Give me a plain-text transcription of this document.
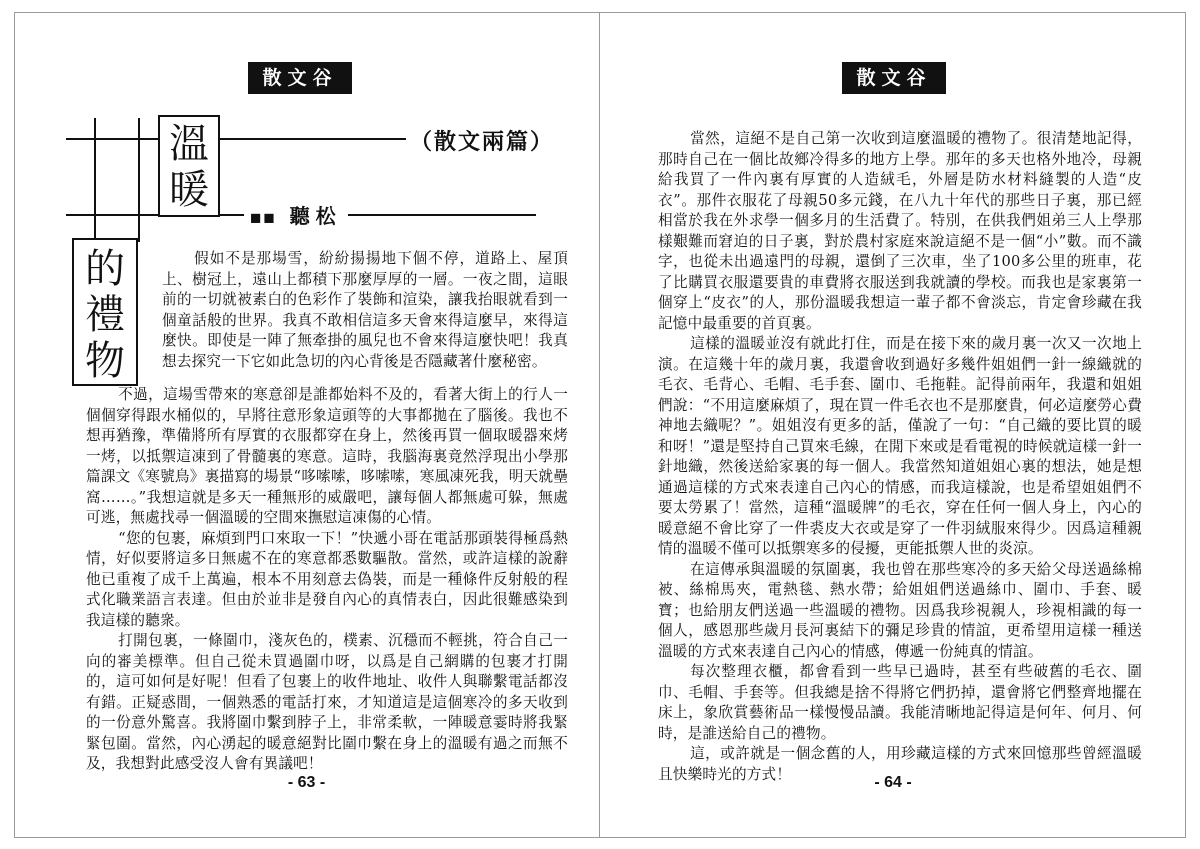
散文谷
溫
暖
（散文兩篇）
■■ 聽松
的
禮
物

假如不是那場雪，紛紛揚揚地下個不停，道路上、屋頂上、樹冠上，遠山上都積下那麼厚厚的一層。一夜之間，這眼前的一切就被素白的色彩作了裝飾和渲染，讓我抬眼就看到一個童話般的世界。我真不敢相信這多天會來得這麼早，來得這麼快。即使是一陣了無牽掛的風兒也不會來得這麼快吧！我真想去探究一下它如此急切的內心背後是否隱藏著什麼秘密。

不過，這場雪帶來的寒意卻是誰都始料不及的，看著大街上的行人一個個穿得跟水桶似的，早將往意形象這頭等的大事都拋在了腦後。我也不想再猶豫，準備將所有厚實的衣服都穿在身上，然後再買一個取暖器來烤一烤，以抵禦這凍到了骨髓裏的寒意。這時，我腦海裏竟然浮現出小學那篇課文《寒號鳥》裏描寫的場景“哆嗦嗦，哆嗦嗦，寒風凍死我，明天就壘窩……。”我想這就是多天一種無形的威嚴吧，讓每個人都無處可躲，無處可逃，無處找尋一個溫暖的空間來撫慰這凍傷的心情。

“您的包裹，麻煩到門口來取一下！”快遞小哥在電話那頭裝得極爲熱情，好似要將這多日無處不在的寒意都悉數驅散。當然，或許這樣的說辭他已重複了成千上萬遍，根本不用刻意去偽裝，而是一種條件反射般的程式化職業語言表達。但由於並非是發自內心的真情表白，因此很難感染到我這樣的聽衆。

打開包裏，一條圍巾，淺灰色的，樸素、沉穩而不輕挑，符合自己一向的審美標準。但自己從未買過圍巾呀，以爲是自己網購的包裹才打開的，這可如何是好呢！但看了包裹上的收件地址、收件人與聯繫電話都沒有錯。正疑惑間，一個熟悉的電話打來，才知道這是這個寒冷的多天收到的一份意外驚喜。我將圍巾繫到脖子上，非常柔軟，一陣暖意霎時將我緊緊包圍。當然，內心湧起的暖意絕對比圍巾繫在身上的溫暖有過之而無不及，我想對此感受沒人會有異議吧！

- 63 -
散文谷

當然，這絕不是自己第一次收到這麼溫暖的禮物了。很清楚地記得，那時自己在一個比故鄉冷得多的地方上學。那年的多天也格外地冷，母親給我買了一件內裏有厚實的人造絨毛，外層是防水材料縫製的人造“皮衣”。那件衣服花了母親50多元錢，在八九十年代的那些日子裏，那已經相當於我在外求學一個多月的生活費了。特別，在供我們姐弟三人上學那樣艱難而窘迫的日子裏，對於農村家庭來說這絕不是一個“小”數。而不識字，也從未出過遠門的母親，還倒了三次車，坐了100多公里的班車，花了比購買衣服還要貴的車費將衣服送到我就讀的學校。而我也是家裏第一個穿上“皮衣”的人，那份溫暖我想這一輩子都不會淡忘，肯定會珍藏在我記憶中最重要的首頁裏。

這樣的溫暖並沒有就此打住，而是在接下來的歲月裏一次又一次地上演。在這幾十年的歲月裏，我還會收到過好多幾件姐姐們一針一線織就的毛衣、毛背心、毛帽、毛手套、圍巾、毛拖鞋。記得前兩年，我還和姐姐們說：“不用這麼麻煩了，現在買一件毛衣也不是那麼貴，何必這麼勞心費神地去織呢？”。姐姐沒有更多的話，僅說了一句：“自己織的要比買的暖和呀！”還是堅持自己買來毛線，在閒下來或是看電視的時候就這樣一針一針地織，然後送給家裏的每一個人。我當然知道姐姐心裏的想法，她是想通過這樣的方式來表達自己內心的情感，而我這樣說，也是希望姐姐們不要太勞累了！當然，這種“溫暖牌”的毛衣，穿在任何一個人身上，內心的暖意絕不會比穿了一件裘皮大衣或是穿了一件羽絨服來得少。因爲這種親情的溫暖不僅可以抵禦寒多的侵擾，更能抵禦人世的炎涼。

在這傳承與溫暖的氛圍裏，我也曾在那些寒冷的多天給父母送過絲棉被、絲棉馬夾，電熱毯、熱水帶；給姐姐們送過絲巾、圍巾、手套、暖寶；也給朋友們送過一些溫暖的禮物。因爲我珍視親人，珍視相識的每一個人，感恩那些歲月長河裏結下的彌足珍貴的情誼，更希望用這樣一種送溫暖的方式來表達自己內心的情感，傳遞一份純真的情誼。

每次整理衣櫃，都會看到一些早已過時，甚至有些破舊的毛衣、圍巾、毛帽、手套等。但我總是捨不得將它們扔掉，還會將它們整齊地擺在床上，象欣賞藝術品一樣慢慢品讀。我能清晰地記得這是何年、何月、何時，是誰送給自己的禮物。

這，或許就是一個念舊的人，用珍藏這樣的方式來回憶那些曾經溫暖且快樂時光的方式！	- 64 -
